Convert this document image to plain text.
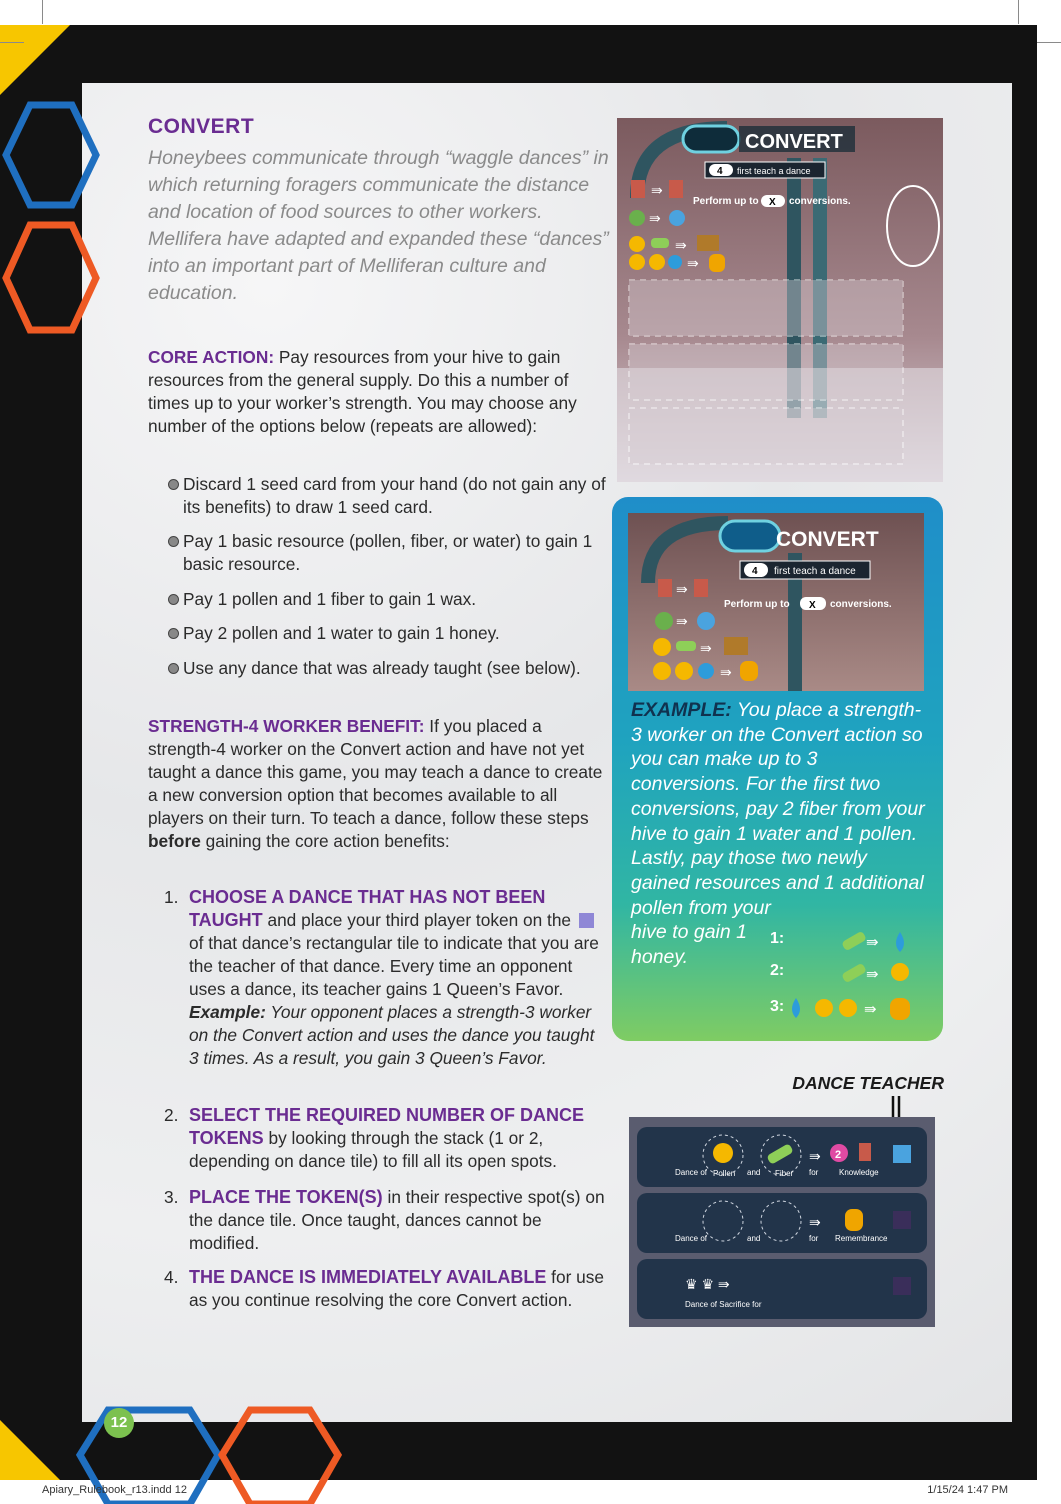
CONVERT

Honeybees communicate through “waggle dances” in which returning foragers communicate the distance and location of food sources to other workers. Mellifera have adapted and expanded these “dances” into an important part of Melliferan culture and education.

CORE ACTION: Pay resources from your hive to gain resources from the general supply. Do this a number of times up to your worker’s strength. You may choose any number of the options below (repeats are allowed):

Discard 1 seed card from your hand (do not gain any of its benefits) to draw 1 seed card.
Pay 1 basic resource (pollen, fiber, or water) to gain 1 basic resource.
Pay 1 pollen and 1 fiber to gain 1 wax.
Pay 2 pollen and 1 water to gain 1 honey.
Use any dance that was already taught (see below).

STRENGTH-4 WORKER BENEFIT: If you placed a strength-4 worker on the Convert action and have not yet taught a dance this game, you may teach a dance to create a new conversion option that becomes available to all players on their turn. To teach a dance, follow these steps before gaining the core action benefits:

1. CHOOSE A DANCE THAT HAS NOT BEEN TAUGHT and place your third player token on the  of that dance’s rectangular tile to indicate that you are the teacher of that dance. Every time an opponent uses a dance, its teacher gains 1 Queen’s Favor. Example: Your opponent places a strength-3 worker on the Convert action and uses the dance you taught 3 times. As a result, you gain 3 Queen’s Favor.
2. SELECT THE REQUIRED NUMBER OF DANCE TOKENS by looking through the stack (1 or 2, depending on dance tile) to fill all its open spots.
3. PLACE THE TOKEN(S) in their respective spot(s) on the dance tile. Once taught, dances cannot be modified.
4. THE DANCE IS IMMEDIATELY AVAILABLE for use as you continue resolving the core Convert action.
⇛
⇛
⇛
⇛
CONVERT
4 first teach a dance
Perform up to X conversions.
CONVERT
4 first teach a dance
Perform up to X conversions.
⇛
⇛
⇛
⇛
EXAMPLE: You place a strength-3 worker on the Convert action so you can make up to 3 conversions. For the first two conversions, pay 2 fiber from your hive to gain 1 water and 1 pollen. Lastly, pay those two newly gained resources and 1 additional
pollen from your hive to gain 1 honey.
1:
2:
3:
⇛
⇛
⇛
DANCE TEACHER
⇛ 2
Dance of Pollen and Fiber for	Knowledge
⇛
Dance of	and	for Remembrance
♛ ♛ ⇛
Dance of Sacrifice for
12
Apiary_Rulebook_r13.indd 12	1/15/24 1:47 PM
